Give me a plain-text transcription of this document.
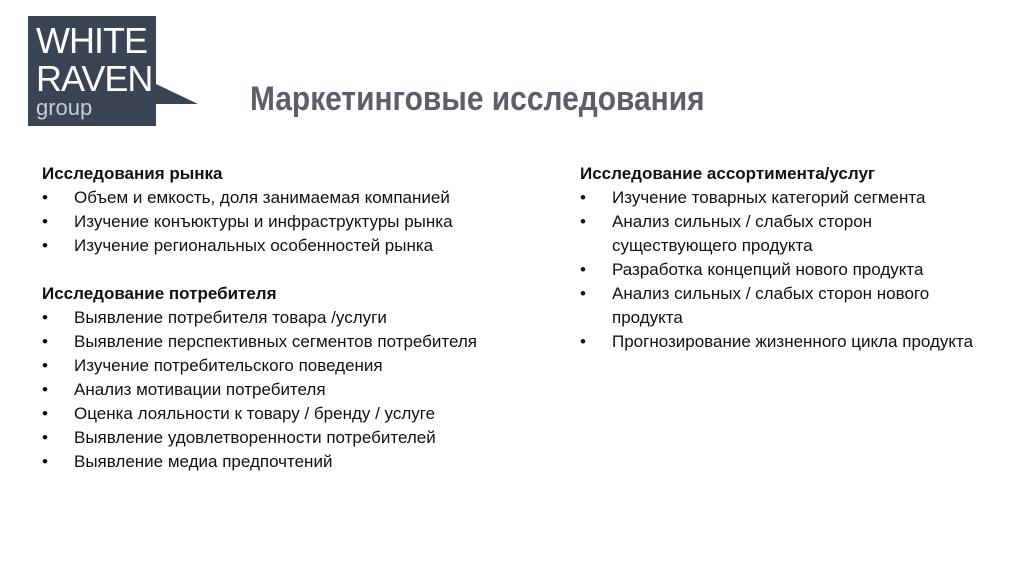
WHITE
RAVEN
group	Маркетинговые исследования

Исследования рынка

• Объем и емкость, доля занимаемая компанией
• Изучение конъюктуры и инфраструктуры рынка
• Изучение региональных особенностей рынка

Исследование потребителя

• Выявление потребителя товара /услуги
• Выявление перспективных сегментов потребителя
• Изучение потребительского поведения
• Анализ мотивации потребителя
• Оценка лояльности к товару / бренду / услуге
• Выявление удовлетворенности потребителей
• Выявление медиа предпочтений

Исследование ассортимента/услуг

• Изучение товарных категорий сегмента
• Анализ сильных / слабых сторон существующего продукта
• Разработка концепций нового продукта
• Анализ сильных / слабых сторон нового продукта
• Прогнозирование жизненного цикла продукта
